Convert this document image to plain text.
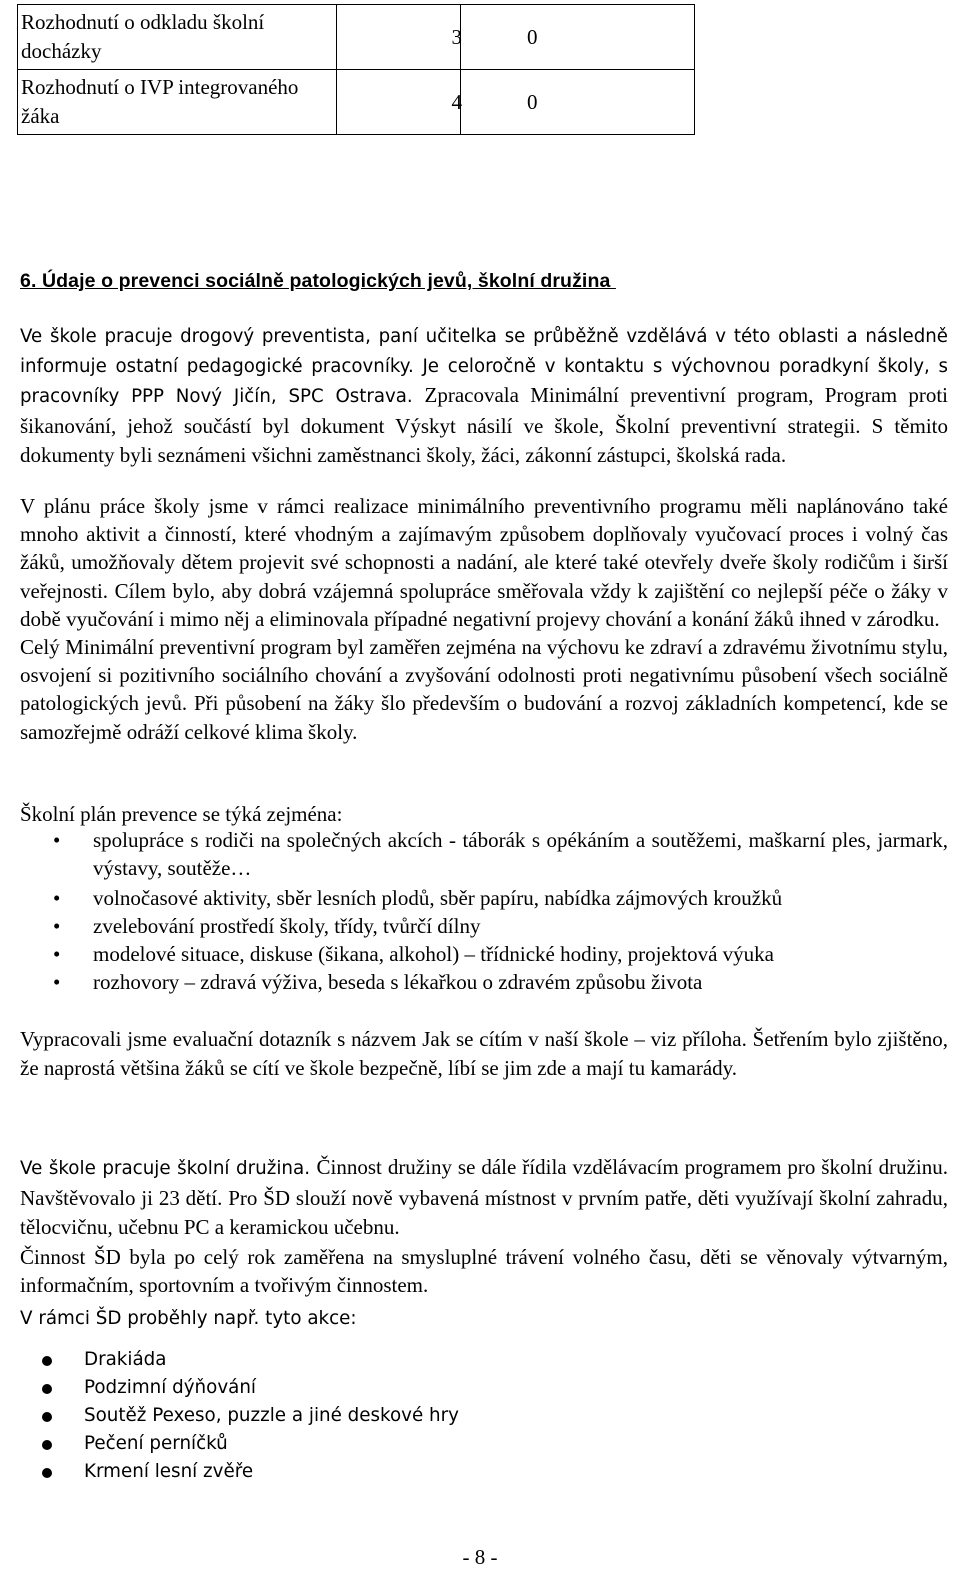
Rozhodnutí o odkladu školní docházky	3	0
Rozhodnutí o IVP integrovaného žáka	4	0
6. Údaje o prevenci sociálně patologických jevů, školní družina
Ve škole pracuje drogový preventista, paní učitelka se průběžně vzdělává v této oblasti a následně informuje ostatní pedagogické pracovníky. Je celoročně v kontaktu s výchovnou poradkyní školy, s pracovníky PPP Nový Jičín, SPC Ostrava. Zpracovala Minimální preventivní program, Program proti šikanování, jehož součástí byl dokument Výskyt násilí ve škole, Školní preventivní strategii. S těmito dokumenty byli seznámeni všichni zaměstnanci školy, žáci, zákonní zástupci, školská rada.
V plánu práce školy jsme v rámci realizace minimálního preventivního programu měli naplánováno také mnoho aktivit a činností, které vhodným a zajímavým způsobem doplňovaly vyučovací proces i volný čas žáků, umožňovaly dětem projevit své schopnosti a nadání, ale které také otevřely dveře školy rodičům i širší veřejnosti. Cílem bylo, aby dobrá vzájemná spolupráce směřovala vždy k zajištění co nejlepší péče o žáky v době vyučování i mimo něj a eliminovala případné negativní projevy chování a konání žáků ihned v zárodku.
Celý Minimální preventivní program byl zaměřen zejména na výchovu ke zdraví a zdravému životnímu stylu, osvojení si pozitivního sociálního chování a zvyšování odolnosti proti negativnímu působení všech sociálně patologických jevů. Při působení na žáky šlo především o budování a rozvoj základních kompetencí, kde se samozřejmě odráží celkové klima školy.
Školní plán prevence se týká zejména:
• spolupráce s rodiči na společných akcích - táborák s opékáním a soutěžemi, maškarní ples, jarmark, výstavy, soutěže…
• volnočasové aktivity, sběr lesních plodů, sběr papíru, nabídka zájmových kroužků
• zvelebování prostředí školy, třídy, tvůrčí dílny
• modelové situace, diskuse (šikana, alkohol) – třídnické hodiny, projektová výuka
• rozhovory – zdravá výživa, beseda s lékařkou o zdravém způsobu života
Vypracovali jsme evaluační dotazník s názvem Jak se cítím v naší škole – viz příloha. Šetřením bylo zjištěno, že naprostá většina žáků se cítí ve škole bezpečně, líbí se jim zde a mají tu kamarády.
Ve škole pracuje školní družina. Činnost družiny se dále řídila vzdělávacím programem pro školní družinu. Navštěvovalo ji 23 dětí. Pro ŠD slouží nově vybavená místnost v prvním patře, děti využívají školní zahradu, tělocvičnu, učebnu PC a keramickou učebnu.
Činnost ŠD byla po celý rok zaměřena na smysluplné trávení volného času, děti se věnovaly výtvarným, informačním, sportovním a tvořivým činnostem.
V rámci ŠD proběhly např. tyto akce:
Drakiáda
Podzimní dýňování
Soutěž Pexeso, puzzle a jiné deskové hry
Pečení perníčků
Krmení lesní zvěře
- 8 -
